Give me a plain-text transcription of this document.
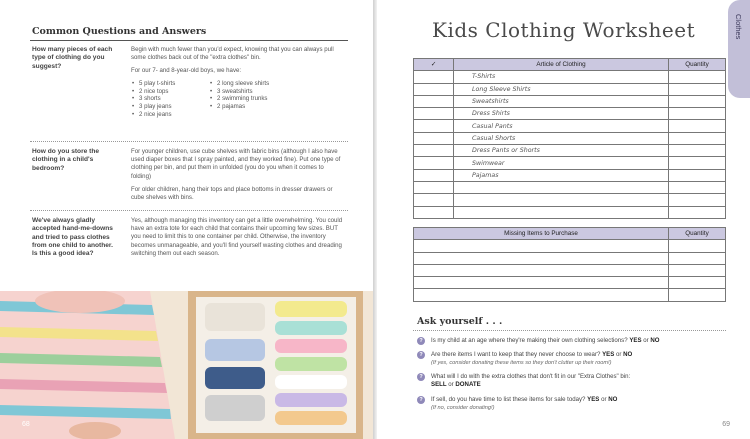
Common Questions and Answers
How many pieces of each type of clothing do you suggest?

Begin with much fewer than you'd expect, knowing that you can always pull some clothes back out of the "extra clothes" bin.

For our 7- and 8-year-old boys, we have:

• 5 play t-shirts
• 2 nice tops
• 3 shorts
• 3 play jeans
• 2 nice jeans
• 2 long sleeve shirts
• 3 sweatshirts
• 2 swimming trunks
• 2 pajamas
How do you store the clothing in a child's bedroom?

For younger children, use cube shelves with fabric bins (although I also have used diaper boxes that I spray painted, and they worked fine). Put one type of clothing per bin, and put them in unfolded (you do you when it comes to folding)

For older children, hang their tops and place bottoms in dresser drawers or cube shelves with bins.

We've always gladly accepted hand-me-downs and tried to pass clothes from one child to another. Is this a good idea?

Yes, although managing this inventory can get a little overwhelming. You could have an extra tote for each child that contains their upcoming few sizes. BUT you need to limit this to one container per child. Otherwise, the inventory becomes unmanageable, and you'll find yourself wasting clothes and dreading switching them out each season.

68
Clothes
Kids Clothing Worksheet
✓	Article of Clothing	Quantity
	T-Shirts	
	Long Sleeve Shirts	
	Sweatshirts	
	Dress Shirts	
	Casual Pants	
	Casual Shorts	
	Dress Pants or Shorts	
	Swimwear	
	Pajamas	

Missing Items to Purchase	Quantity

Ask yourself . . .
?	Is my child at an age where they're making their own clothing selections? YES or NO
?	Are there items I want to keep that they never choose to wear? YES or NO
(If yes, consider donating these items so they don't clutter up their room!)
?	What will I do with the extra clothes that don't fit in our "Extra Clothes" bin:
SELL or DONATE
?	If sell, do you have time to list these items for sale today? YES or NO
(If no, consider donating!)
69
